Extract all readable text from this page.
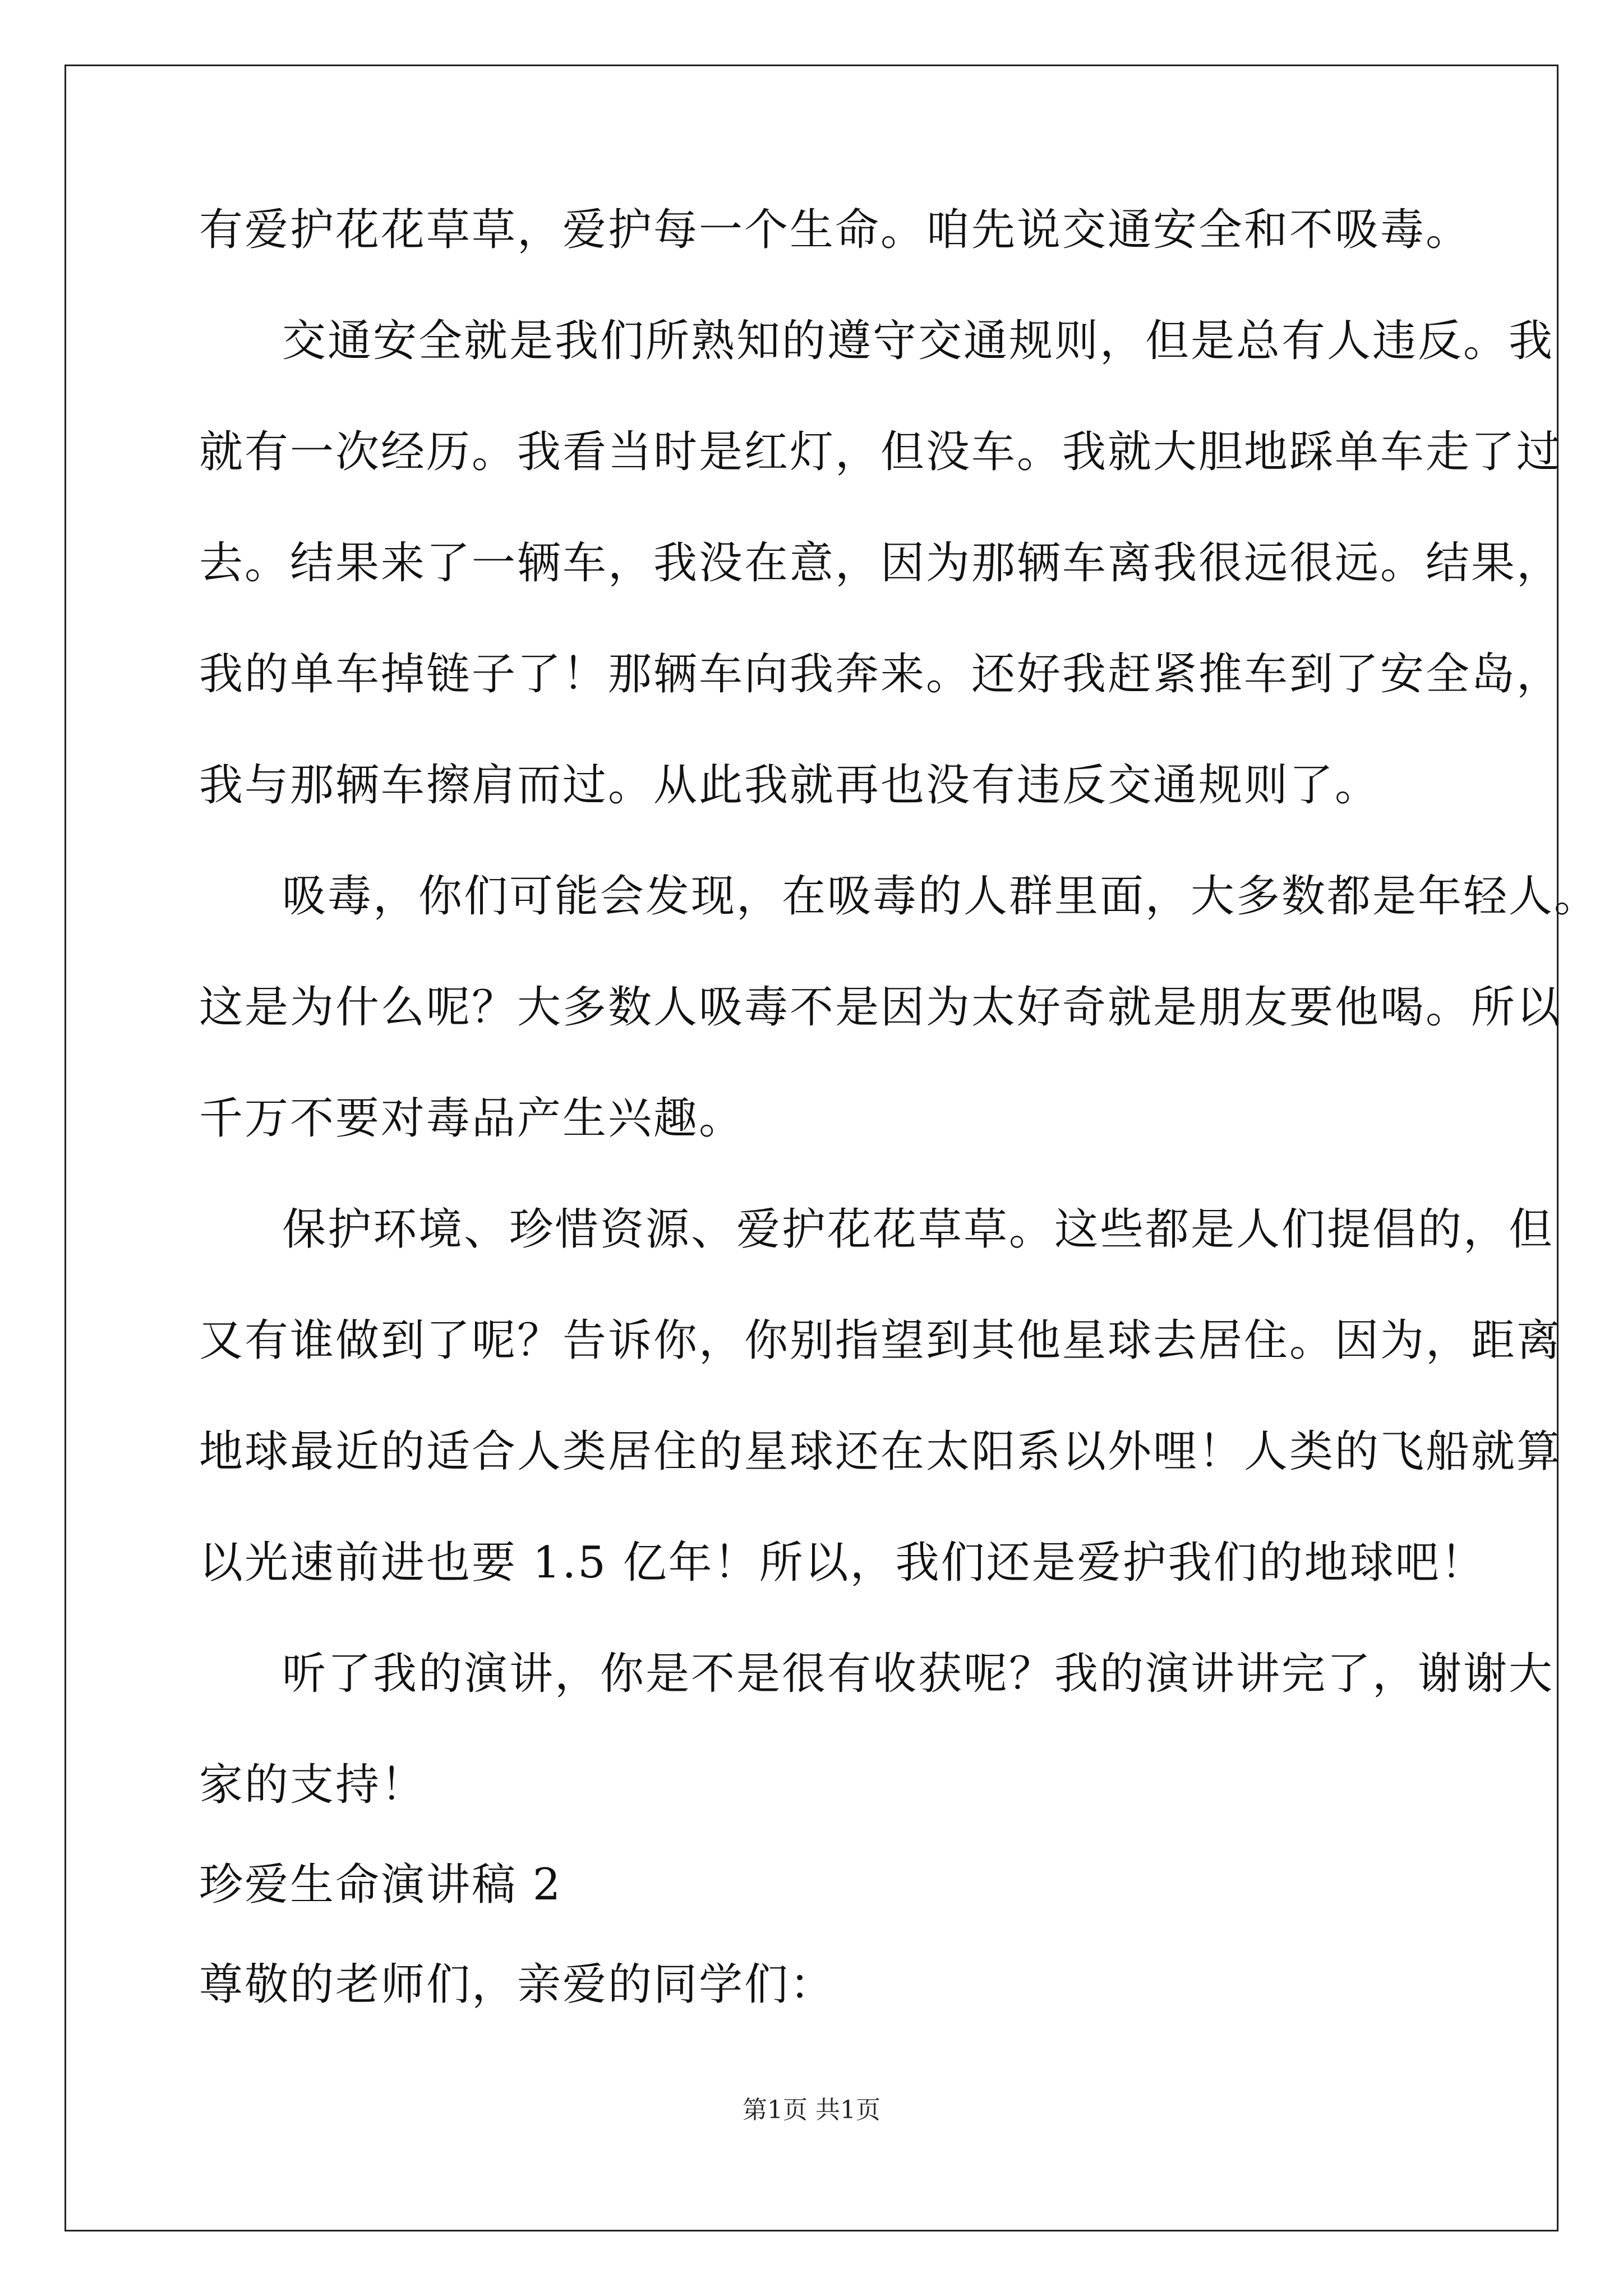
有爱护花花草草，爱护每一个生命。咱先说交通安全和不吸毒。
交通安全就是我们所熟知的遵守交通规则，但是总有人违反。我
就有一次经历。我看当时是红灯，但没车。我就大胆地踩单车走了过
去。结果来了一辆车，我没在意，因为那辆车离我很远很远。结果，
我的单车掉链子了！那辆车向我奔来。还好我赶紧推车到了安全岛，
我与那辆车擦肩而过。从此我就再也没有违反交通规则了。
吸毒，你们可能会发现，在吸毒的人群里面，大多数都是年轻人。
这是为什么呢？大多数人吸毒不是因为太好奇就是朋友要他喝。所以
千万不要对毒品产生兴趣。
保护环境、珍惜资源、爱护花花草草。这些都是人们提倡的，但
又有谁做到了呢？告诉你，你别指望到其他星球去居住。因为，距离
地球最近的适合人类居住的星球还在太阳系以外哩！人类的飞船就算
以光速前进也要 1.5 亿年！所以，我们还是爱护我们的地球吧！
听了我的演讲，你是不是很有收获呢？我的演讲讲完了，谢谢大
家的支持！
珍爱生命演讲稿 2
尊敬的老师们，亲爱的同学们：
第1页 共1页
